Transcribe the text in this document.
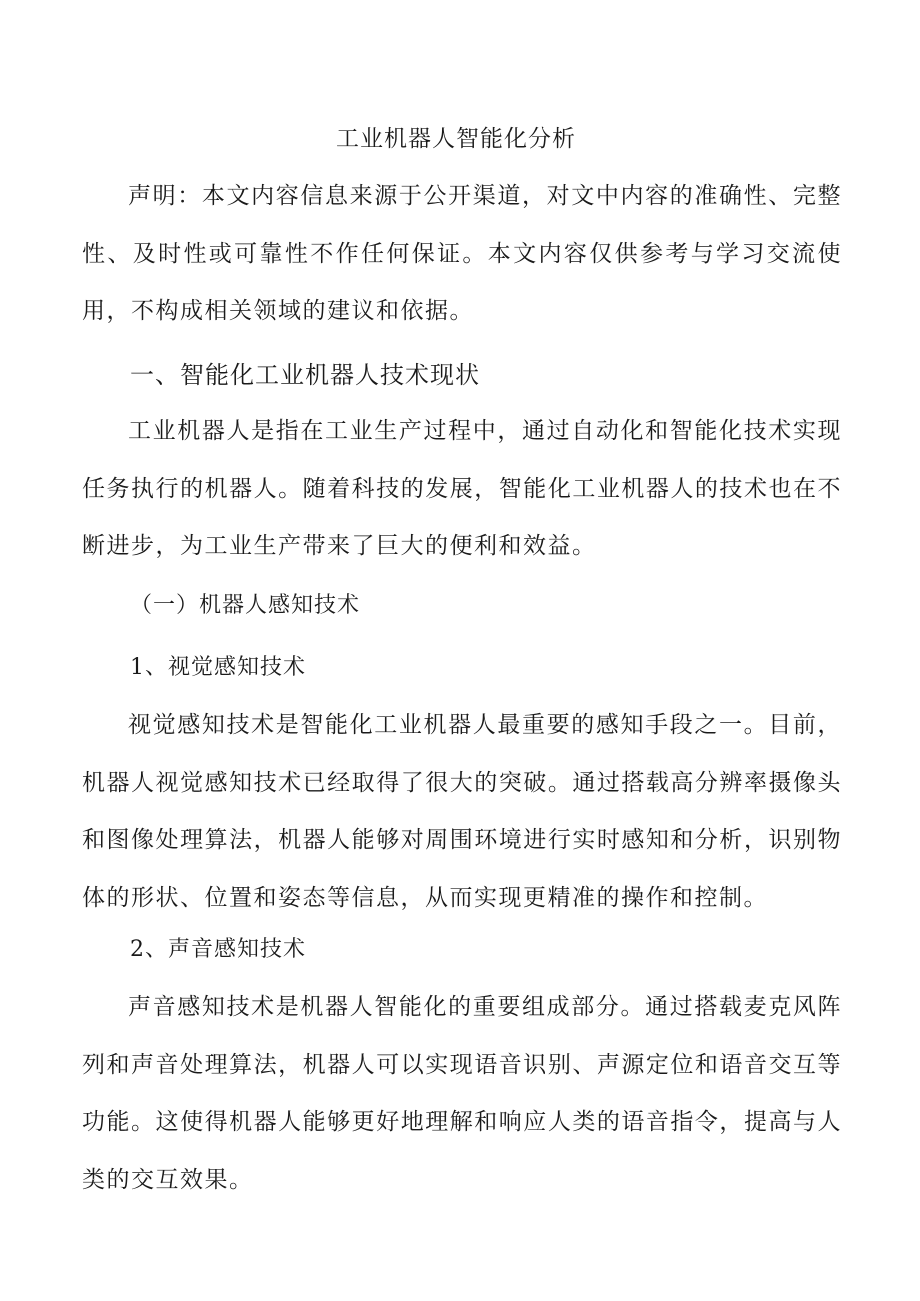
工业机器人智能化分析
声明：本文内容信息来源于公开渠道，对文中内容的准确性、完整性、及时性或可靠性不作任何保证。本文内容仅供参考与学习交流使用，不构成相关领域的建议和依据。
一、智能化工业机器人技术现状
工业机器人是指在工业生产过程中，通过自动化和智能化技术实现任务执行的机器人。随着科技的发展，智能化工业机器人的技术也在不断进步，为工业生产带来了巨大的便利和效益。
（一）机器人感知技术
1、视觉感知技术
视觉感知技术是智能化工业机器人最重要的感知手段之一。目前，机器人视觉感知技术已经取得了很大的突破。通过搭载高分辨率摄像头和图像处理算法，机器人能够对周围环境进行实时感知和分析，识别物体的形状、位置和姿态等信息，从而实现更精准的操作和控制。
2、声音感知技术
声音感知技术是机器人智能化的重要组成部分。通过搭载麦克风阵列和声音处理算法，机器人可以实现语音识别、声源定位和语音交互等功能。这使得机器人能够更好地理解和响应人类的语音指令，提高与人类的交互效果。
